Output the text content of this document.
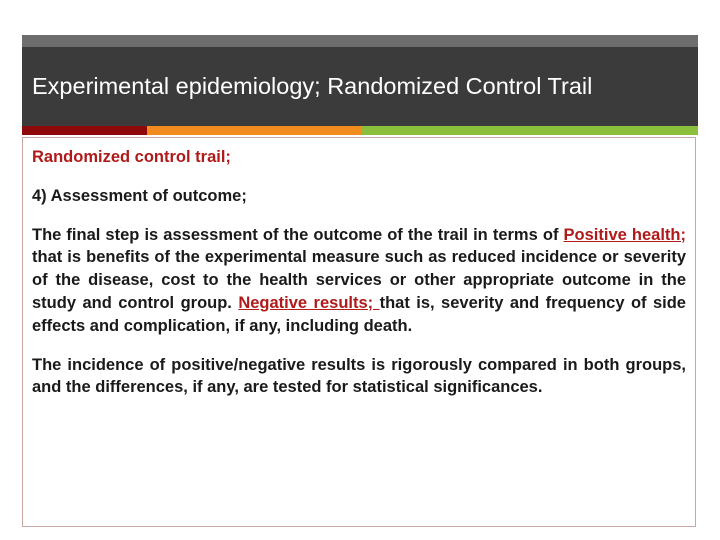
Experimental epidemiology; Randomized Control Trail
Randomized control trail;
4) Assessment of outcome;
The final step is assessment of the outcome of the trail in terms of Positive health; that is benefits of the experimental measure such as reduced incidence or severity of the disease, cost to the health services or other appropriate outcome in the study and control group. Negative results; that is, severity and frequency of side effects and complication, if any, including death.
The incidence of positive/negative results is rigorously compared in both groups, and the differences, if any, are tested for statistical significances.
